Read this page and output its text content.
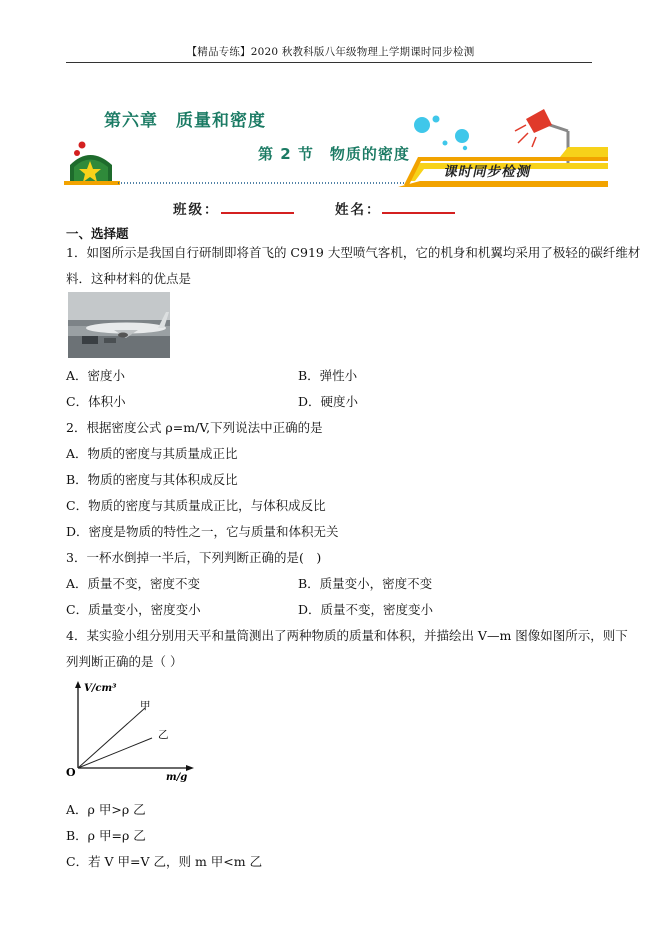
【精品专练】2020 秋教科版八年级物理上学期课时同步检测
第六章　质量和密度
第 2 节　物质的密度
课时同步检测
班级：	姓名：
一、选择题
1．如图所示是我国自行研制即将首飞的 C919 大型喷气客机，它的机身和机翼均采用了极轻的碳纤维材
料．这种材料的优点是
A．密度小	B．弹性小
C．体积小	D．硬度小
2．根据密度公式 ρ=m/V,下列说法中正确的是
A．物质的密度与其质量成正比
B．物质的密度与其体积成反比
C．物质的密度与其质量成正比，与体积成反比
D．密度是物质的特性之一，它与质量和体积无关
3．一杯水倒掉一半后，下列判断正确的是(　)
A．质量不变，密度不变	B．质量变小，密度不变
C．质量变小，密度变小	D．质量不变，密度变小
4．某实验小组分别用天平和量筒测出了两种物质的质量和体积，并描绘出 V—m 图像如图所示，则下
列判断正确的是（ ）
V/cm³
O	m/g
甲
乙
A．ρ 甲>ρ 乙
B．ρ 甲=ρ 乙
C．若 V 甲=V 乙，则 m 甲<m 乙
